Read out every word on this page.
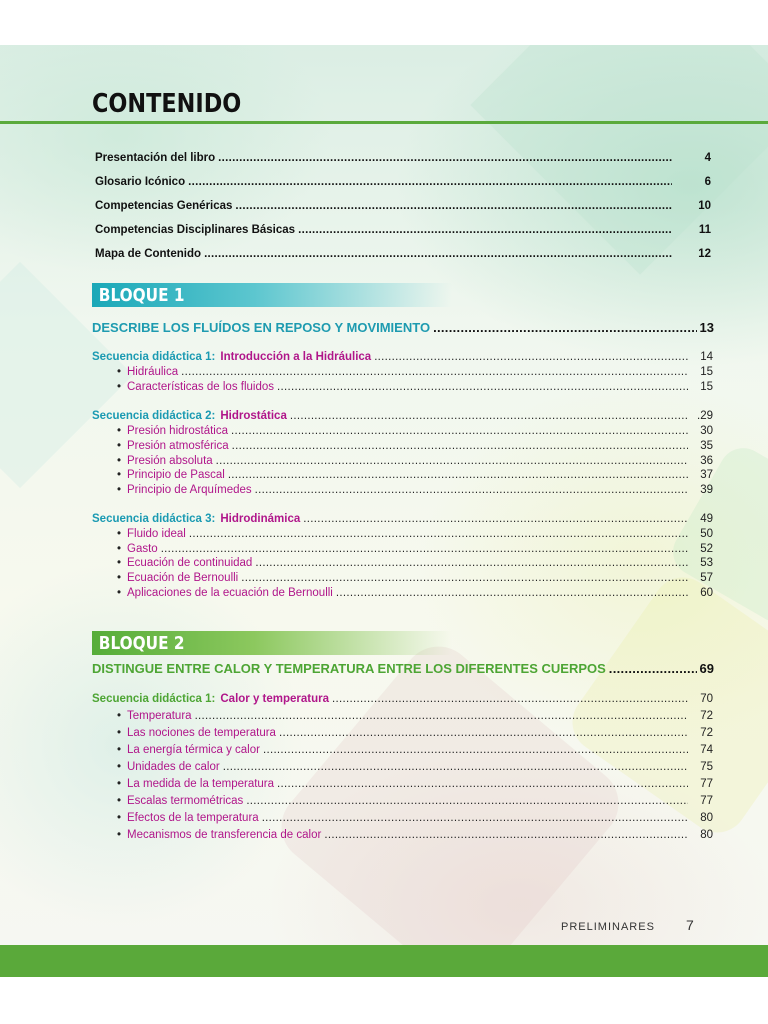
CONTENIDO
Presentación del libro .....	4
Glosario Icónico .....	6
Competencias Genéricas .....	10
Competencias Disciplinares Básicas .....	11
Mapa de Contenido .....	12
BLOQUE 1
DESCRIBE LOS FLUÍDOS EN REPOSO Y MOVIMIENTO .....	13
Secuencia didáctica 1: Introducción a la Hidráulica .....	14
• Hidráulica .....	15
• Características de los fluidos .....	15
Secuencia didáctica 2: Hidrostática .....	.29
• Presión hidrostática .....	30
• Presión atmosférica .....	35
• Presión absoluta .....	36
• Principio de Pascal .....	37
• Principio de Arquímedes .....	39
Secuencia didáctica 3: Hidrodinámica .....	49
• Fluido ideal .....	50
• Gasto .....	52
• Ecuación de continuidad .....	53
• Ecuación de Bernoulli .....	57
• Aplicaciones de la ecuación de Bernoulli .....	60
BLOQUE 2
DISTINGUE ENTRE CALOR Y TEMPERATURA ENTRE LOS DIFERENTES CUERPOS .....	69
Secuencia didáctica 1: Calor y temperatura .....	70
• Temperatura .....	72
• Las nociones de temperatura .....	72
• La energía térmica y calor .....	74
• Unidades de calor .....	75
• La medida de la temperatura .....	77
• Escalas termométricas .....	77
• Efectos de la temperatura .....	80
• Mecanismos de transferencia de calor .....	80

PRELIMINARES 7
